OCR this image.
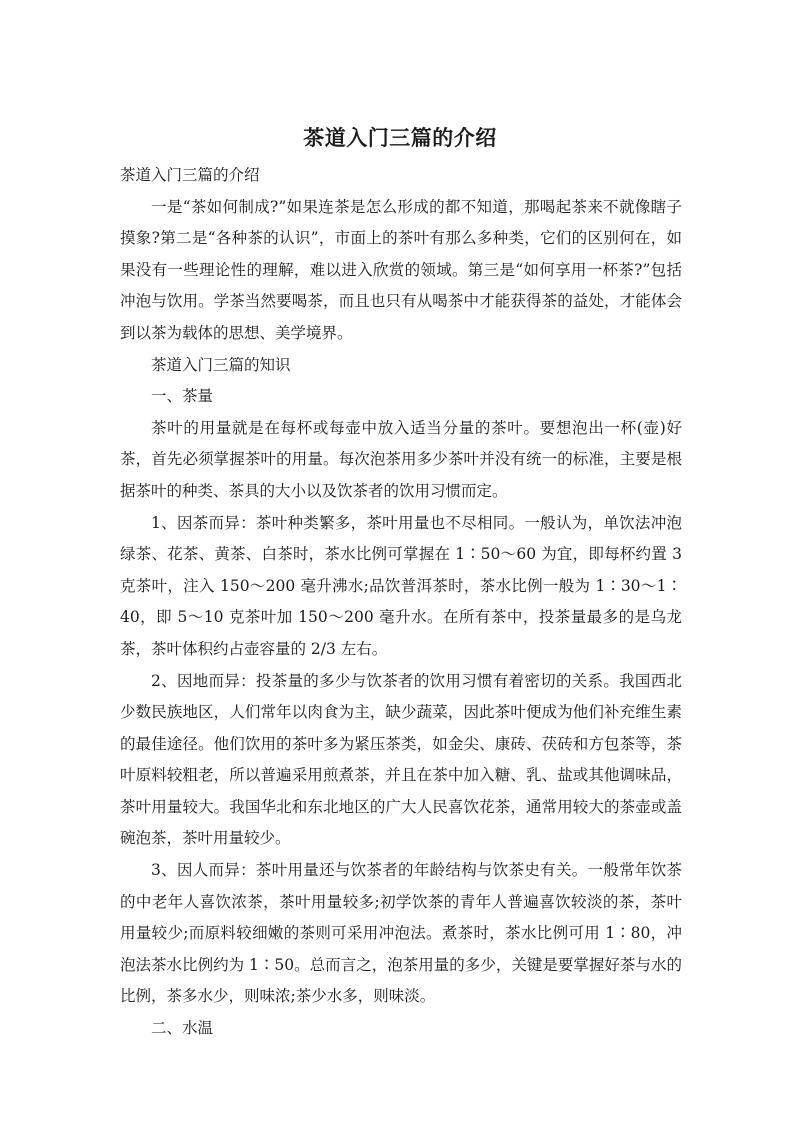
茶道入门三篇的介绍

茶道入门三篇的介绍

一是“茶如何制成?”如果连茶是怎么形成的都不知道，那喝起茶来不就像瞎子摸象?第二是“各种茶的认识”，市面上的茶叶有那么多种类，它们的区别何在，如果没有一些理论性的理解，难以进入欣赏的领域。第三是“如何享用一杯茶?”包括冲泡与饮用。学茶当然要喝茶，而且也只有从喝茶中才能获得茶的益处，才能体会到以茶为载体的思想、美学境界。

茶道入门三篇的知识

一、茶量

茶叶的用量就是在每杯或每壶中放入适当分量的茶叶。要想泡出一杯(壶)好茶，首先必须掌握茶叶的用量。每次泡茶用多少茶叶并没有统一的标准，主要是根据茶叶的种类、茶具的大小以及饮茶者的饮用习惯而定。

1、因茶而异：茶叶种类繁多，茶叶用量也不尽相同。一般认为，单饮法冲泡绿茶、花茶、黄茶、白茶时，茶水比例可掌握在 1∶50～60 为宜，即每杯约置 3 克茶叶，注入 150～200 毫升沸水;品饮普洱茶时，茶水比例一般为 1∶30～1∶40，即 5～10 克茶叶加 150～200 毫升水。在所有茶中，投茶量最多的是乌龙茶，茶叶体积约占壶容量的 2/3 左右。

2、因地而异：投茶量的多少与饮茶者的饮用习惯有着密切的关系。我国西北少数民族地区，人们常年以肉食为主，缺少蔬菜，因此茶叶便成为他们补充维生素的最佳途径。他们饮用的茶叶多为紧压茶类，如金尖、康砖、茯砖和方包茶等，茶叶原料较粗老，所以普遍采用煎煮茶，并且在茶中加入糖、乳、盐或其他调味品，茶叶用量较大。我国华北和东北地区的广大人民喜饮花茶，通常用较大的茶壶或盖碗泡茶，茶叶用量较少。

3、因人而异：茶叶用量还与饮茶者的年龄结构与饮茶史有关。一般常年饮茶的中老年人喜饮浓茶，茶叶用量较多;初学饮茶的青年人普遍喜饮较淡的茶，茶叶用量较少;而原料较细嫩的茶则可采用冲泡法。煮茶时，茶水比例可用 1∶80，冲泡法茶水比例约为 1∶50。总而言之，泡茶用量的多少，关键是要掌握好茶与水的比例，茶多水少，则味浓;茶少水多，则味淡。

二、水温
